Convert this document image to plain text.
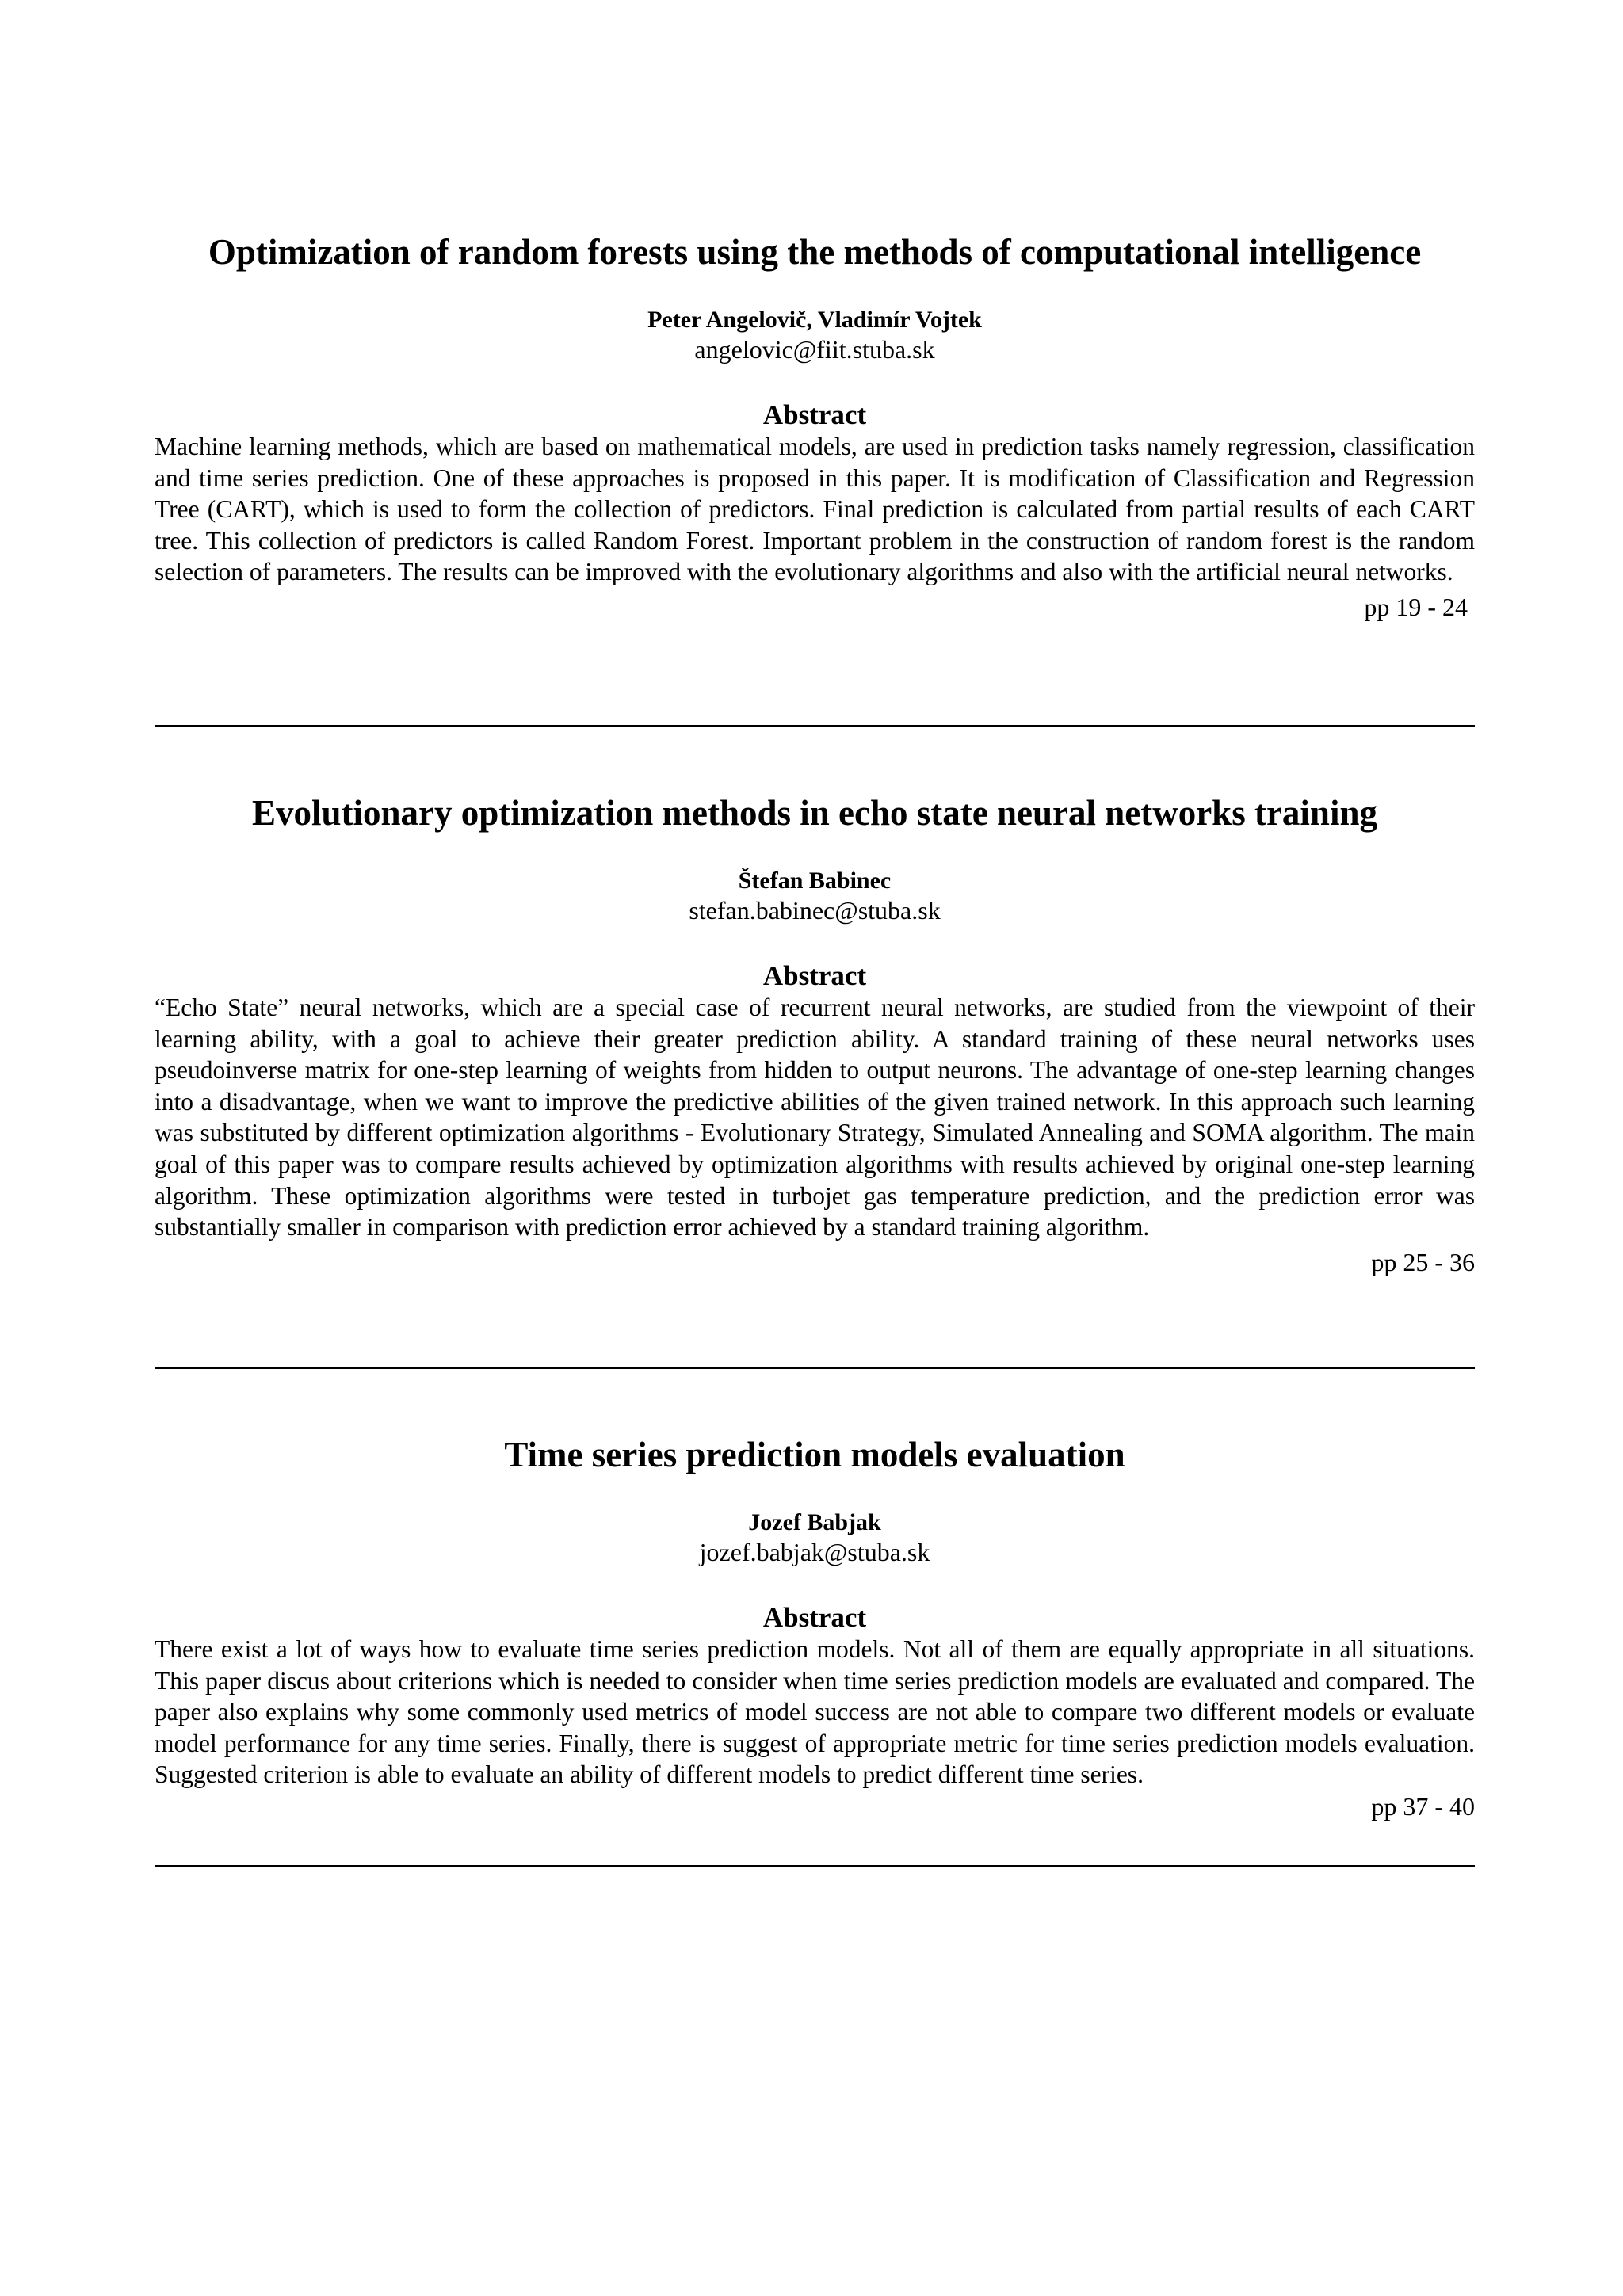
Optimization of random forests using the methods of computational intelligence
Peter Angelovič, Vladimír Vojtek
angelovic@fiit.stuba.sk
Abstract

Machine learning methods, which are based on mathematical models, are used in prediction tasks namely regression, classification and time series prediction. One of these approaches is proposed in this paper. It is modification of Classification and Regression Tree (CART), which is used to form the collection of predictors. Final prediction is calculated from partial results of each CART tree. This collection of predictors is called Random Forest. Important problem in the construction of random forest is the random selection of parameters. The results can be improved with the evolutionary algorithms and also with the artificial neural networks.

pp 19 - 24
Evolutionary optimization methods in echo state neural networks training
Štefan Babinec
stefan.babinec@stuba.sk
Abstract

“Echo State” neural networks, which are a special case of recurrent neural networks, are studied from the viewpoint of their learning ability, with a goal to achieve their greater prediction ability. A standard training of these neural networks uses pseudoinverse matrix for one-step learning of weights from hidden to output neurons. The advantage of one-step learning changes into a disadvantage, when we want to improve the predictive abilities of the given trained network. In this approach such learning was substituted by different optimization algorithms - Evolutionary Strategy, Simulated Annealing and SOMA algorithm. The main goal of this paper was to compare results achieved by optimization algorithms with results achieved by original one-step learning algorithm. These optimization algorithms were tested in turbojet gas temperature prediction, and the prediction error was substantially smaller in comparison with prediction error achieved by a standard training algorithm.

pp 25 - 36
Time series prediction models evaluation
Jozef Babjak
jozef.babjak@stuba.sk
Abstract

There exist a lot of ways how to evaluate time series prediction models. Not all of them are equally appropriate in all situations. This paper discus about criterions which is needed to consider when time series prediction models are evaluated and compared. The paper also explains why some commonly used metrics of model success are not able to compare two different models or evaluate model performance for any time series. Finally, there is suggest of appropriate metric for time series prediction models evaluation. Suggested criterion is able to evaluate an ability of different models to predict different time series.

pp 37 - 40
